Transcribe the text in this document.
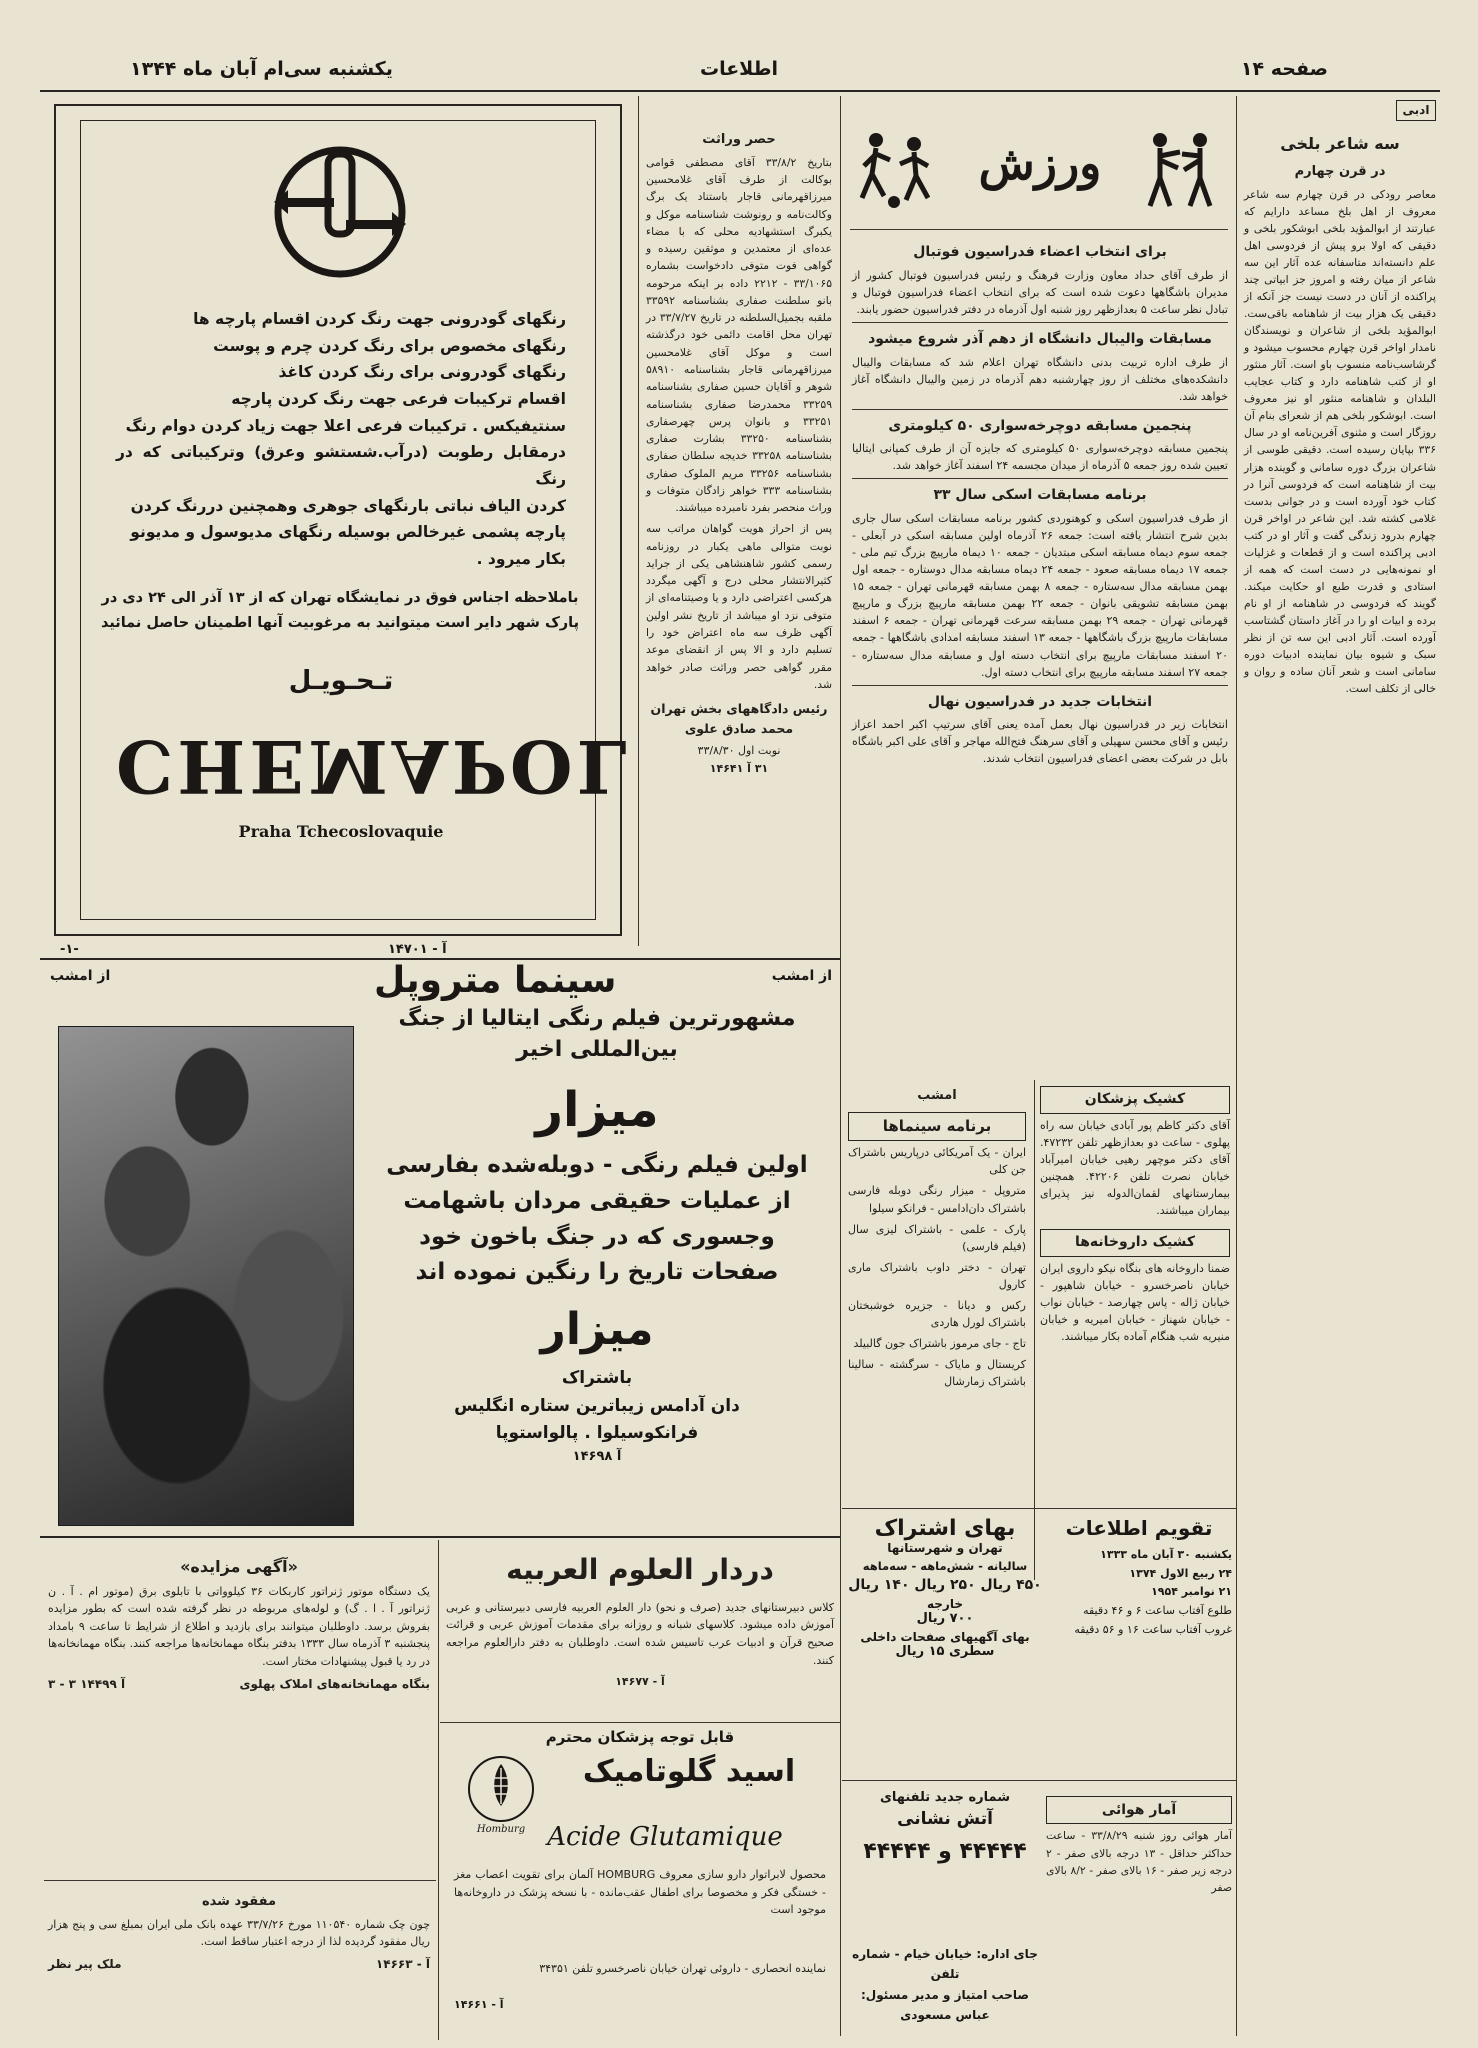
صفحه ۱۴
اطلاعات
یکشنبه سی‌ام آبان ماه ۱۳۴۴
رنگهای گودرونی جهت رنگ کردن اقسام پارچه ها
رنگهای مخصوص برای رنگ کردن چرم و پوست
رنگهای گودرونی برای رنگ کردن کاغذ
اقسام ترکیبات فرعی جهت رنگ کردن پارچه
سنتیفیکس . ترکیبات فرعی اعلا جهت زیاد کردن دوام رنگ
درمقابل رطوبت (درآب.شستشو وعرق) وترکیباتی که در رنگ
کردن الیاف نباتی بارنگهای جوهری وهمچنین دررنگ کردن
پارچه پشمی غیرخالص بوسیله رنگهای مدیوسول و مدیونو
بکار میرود .
باملاحظه اجناس فوق در نمایشگاه تهران که از ۱۳ آذر الی ۲۴ دی در
پارک شهر دایر است میتوانید به مرغوبیت آنها اطمینان حاصل نمائید
تـحـویـل
CHEMAPOL
Praha Tchecoslovaquie
-۱-	آ - ۱۴۷۰۱
حصر وراثت

بتاریخ ۳۳/۸/۲ آقای مصطفی قوامی بوکالت از طرف آقای غلامحسین میرزاقهرمانی قاجار باستناد یک برگ وکالت‌نامه و رونوشت شناسنامه موکل و یکبرگ استشهادیه محلی که با مضاء عده‌ای از معتمدین و موثقین رسیده و گواهی فوت متوفی دادخواست بشماره ۳۳/۱۰۶۵ - ۲۲۱۲ داده بر اینکه مرحومه بانو سلطنت صفاری بشناسنامه ۳۳۵۹۲ ملقبه بجمیل‌السلطنه در تاریخ ۳۳/۷/۲۷ در تهران محل اقامت دائمی خود درگذشته است و موکل آقای غلامحسین میرزاقهرمانی قاجار بشناسنامه ۵۸۹۱۰ شوهر و آقایان حسین صفاری بشناسنامه ۳۳۲۵۹ محمدرضا صفاری بشناسنامه ۳۳۲۵۱ و بانوان پرس چهرصفاری بشناسنامه ۳۳۲۵۰ بشارت صفاری بشناسنامه ۳۳۲۵۸ خدیجه سلطان صفاری بشناسنامه ۳۳۲۵۶ مریم الملوک صفاری بشناسنامه ۳۳۳ خواهر زادگان متوفات و وراث منحصر بفرد نامبرده میباشند.

پس از احراز هویت گواهان مراتب سه نوبت متوالی ماهی یکبار در روزنامه رسمی کشور شاهنشاهی یکی از جراید کثیرالانتشار محلی درج و آگهی میگردد هرکسی اعتراضی دارد و یا وصیتنامه‌ای از متوفی نزد او میباشد از تاریخ نشر اولین آگهی ظرف سه ماه اعتراض خود را تسلیم دارد و الا پس از انقضای موعد مقرر گواهی حصر وراثت صادر خواهد شد.

رئیس دادگاههای بخش تهران محمد صادق علوی
نوبت اول ۳۳/۸/۳۰
۳۱ آ ۱۴۶۴۱
ورزش
برای انتخاب اعضاء فدراسیون فوتبال

از طرف آقای حداد معاون وزارت فرهنگ و رئیس فدراسیون فوتبال کشور از مدیران باشگاهها دعوت شده است که برای انتخاب اعضاء فدراسیون فوتبال و تبادل نظر ساعت ۵ بعدازظهر روز شنبه اول آذرماه در دفتر فدراسیون حضور یابند.

مسابقات والیبال دانشگاه از دهم آذر شروع میشود

از طرف اداره تربیت بدنی دانشگاه تهران اعلام شد که مسابقات والیبال دانشکده‌های مختلف از روز چهارشنبه دهم آذرماه در زمین والیبال دانشگاه آغاز خواهد شد.

پنجمین مسابقه دوچرخه‌سواری ۵۰ کیلومتری

پنجمین مسابقه دوچرخه‌سواری ۵۰ کیلومتری که جایزه آن از طرف کمپانی ایتالیا تعیین شده روز جمعه ۵ آذرماه از میدان مجسمه ۲۴ اسفند آغاز خواهد شد.

برنامه مسابقات اسکی سال ۳۳

از طرف فدراسیون اسکی و کوهنوردی کشور برنامه مسابقات اسکی سال جاری بدین شرح انتشار یافته است: جمعه ۲۶ آذرماه اولین مسابقه اسکی در آبعلی - جمعه سوم دیماه مسابقه اسکی مبتدیان - جمعه ۱۰ دیماه مارپیچ بزرگ تیم ملی - جمعه ۱۷ دیماه مسابقه صعود - جمعه ۲۴ دیماه مسابقه مدال دوستاره - جمعه اول بهمن مسابقه مدال سه‌ستاره - جمعه ۸ بهمن مسابقه قهرمانی تهران - جمعه ۱۵ بهمن مسابقه تشویقی بانوان - جمعه ۲۲ بهمن مسابقه مارپیچ بزرگ و مارپیچ قهرمانی تهران - جمعه ۲۹ بهمن مسابقه سرعت قهرمانی تهران - جمعه ۶ اسفند مسابقات مارپیچ بزرگ باشگاهها - جمعه ۱۳ اسفند مسابقه امدادی باشگاهها - جمعه ۲۰ اسفند مسابقات مارپیچ برای انتخاب دسته اول و مسابقه مدال سه‌ستاره - جمعه ۲۷ اسفند مسابقه مارپیچ برای انتخاب دسته اول.

انتخابات جدید در فدراسیون نهال

انتخابات زیر در فدراسیون نهال بعمل آمده یعنی آقای سرتیپ اکبر احمد اعزاز رئیس و آقای محسن سهیلی و آقای سرهنگ فتح‌الله مهاجر و آقای علی اکبر باشگاه بابل در شرکت بعضی اعضای فدراسیون انتخاب شدند.

ادبی
سه شاعر بلخی
در قرن چهارم

معاصر رودکی در قرن چهارم سه شاعر معروف از اهل بلخ مساعد دارایم که عبارتند از ابوالمؤید بلخی ابوشکور بلخی و دقیقی که اولا برو پیش از فردوسی اهل علم دانسته‌اند متاسفانه عده آثار این سه شاعر از میان رفته و امروز جز ابیاتی چند پراکنده از آنان در دست نیست جز آنکه از دقیقی یک هزار بیت از شاهنامه باقی‌ست. ابوالمؤید بلخی از شاعران و نویسندگان نامدار اواخر قرن چهارم محسوب میشود و گرشاسب‌نامه منسوب باو است. آثار منثور او از کتب شاهنامه دارد و کتاب عجایب البلدان و شاهنامه منثور او نیز معروف است. ابوشکور بلخی هم از شعرای بنام آن روزگار است و مثنوی آفرین‌نامه او در سال ۳۳۶ بپایان رسیده است. دقیقی طوسی از شاعران بزرگ دوره سامانی و گوینده هزار بیت از شاهنامه است که فردوسی آنرا در کتاب خود آورده است و در جوانی بدست غلامی کشته شد. این شاعر در اواخر قرن چهارم بدرود زندگی گفت و آثار او در کتب ادبی پراکنده است و از قطعات و غزلیات او نمونه‌هایی در دست است که همه از استادی و قدرت طبع او حکایت میکند. گویند که فردوسی در شاهنامه از او نام برده و ابیات او را در آغاز داستان گشتاسب آورده است. آثار ادبی این سه تن از نظر سبک و شیوه بیان نماینده ادبیات دوره سامانی است و شعر آنان ساده و روان و خالی از تکلف است.

از امشب	سینما متروپل	از امشب
مشهورترین فیلم رنگی ایتالیا از جنگ
بین‌المللی اخیر
میزار
اولین فیلم رنگی - دوبله‌شده بفارسی
از عملیات حقیقی مردان باشهامت
وجسوری که در جنگ باخون خود
صفحات تاریخ را رنگین نموده اند
میزار
باشتراک
دان آدامس زیباترین ستاره انگلیس
فرانکوسیلوا . پالواستوپا
آ ۱۴۶۹۸
امشب
برنامه سینماها

ایران - یک آمریکائی درپاریس باشتراک جن کلی

متروپل - میزار رنگی دوبله فارسی باشتراک دان‌ادامس - فرانکو سیلوا

پارک - علمی - باشتراک لیزی سال (فیلم فارسی)

تهران - دختر داوب باشتراک ماری کارول

رکس و دیانا - جزیره خوشبختان باشتراک لورل هاردی

تاج - جای مرموز باشتراک جون گالبیلد

کریستال و مایاک - سرگشته - سالینا باشتراک زمارشال

کشیک پزشکان

آقای دکتر کاظم پور آبادی خیابان سه راه پهلوی - ساعت دو بعدازظهر تلفن ۴۷۲۳۲. آقای دکتر موچهر رهیی خیابان امیرآباد خیابان نصرت تلفن ۴۲۲۰۶. همچنین بیمارستانهای لقمان‌الدوله نیز پذیرای بیماران میباشند.

کشیک داروخانه‌ها

ضمنا داروخانه های بنگاه نیکو داروی ایران خیابان ناصرخسرو - خیابان شاهپور - خیابان ژاله - پاس چهارصد - خیابان نواب - خیابان شهناز - خیابان امیریه و خیابان منیریه شب هنگام آماده بکار میباشند.

بهای اشتراک
تهران و شهرستانها
سالیانه - شش‌ماهه - سه‌ماهه
۴۵۰ ریال ۲۵۰ ریال ۱۴۰ ریال
خارجه
۷۰۰ ریال
بهای آگهیهای صفحات داخلی
سطری ۱۵ ریال
تقویم اطلاعات
یکشنبه ۳۰ آبان ماه ۱۳۳۳
۲۴ ربیع الاول ۱۳۷۴
۲۱ نوامبر ۱۹۵۴
طلوع آفتاب ساعت ۶ و ۴۶ دقیقه
غروب آفتاب ساعت ۱۶ و ۵۶ دقیقه
شماره جدید تلفنهای
آتش نشانی
۴۴۴۴۴ و ۴۴۴۴۴
آمار هوائی

آمار هوائی روز شنبه ۳۳/۸/۲۹ - ساعت حداکثر حداقل - ۱۳ درجه بالای صفر - ۲ درجه زیر صفر - ۱۶ بالای صفر - ۸/۲ بالای صفر

جای اداره: خیابان خیام - شماره تلفن
صاحب امتیاز و مدیر مسئول: عباس مسعودی
«آگهی مزایده»

یک دستگاه موتور ژنراتور کاربکات ۳۶ کیلوواتی با تابلوی برق (موتور ام . آ . ن ژنراتور آ . ا . گ) و لوله‌های مربوطه در نظر گرفته شده است که بطور مزایده بفروش برسد. داوطلبان میتوانند برای بازدید و اطلاع از شرایط تا ساعت ۹ بامداد پنجشنبه ۳ آذرماه سال ۱۳۳۳ بدفتر بنگاه مهمانخانه‌ها مراجعه کنند. بنگاه مهمانخانه‌ها در رد یا قبول پیشنهادات مختار است.

بنگاه مهمانخانه‌های املاک پهلوی
آ ۱۴۴۹۹ ۳ - ۳
مفقود شده

چون چک شماره ۱۱۰۵۴۰ مورخ ۳۳/۷/۲۶ عهده بانک ملی ایران بمبلغ سی و پنج هزار ریال مفقود گردیده لذا از درجه اعتبار ساقط است.

آ - ۱۴۶۶۳
ملک پیر نظر
دردار العلوم العربیه

کلاس دبیرستانهای جدید (صرف و نحو) دار العلوم العربیه فارسی دبیرستانی و عربی آموزش داده میشود. کلاسهای شبانه و روزانه برای مقدمات آموزش عربی و قرائت صحیح قرآن و ادبیات عرب تاسیس شده است. داوطلبان به دفتر دارالعلوم مراجعه کنند.

آ - ۱۴۶۷۷
قابل توجه پزشکان محترم
اسید گلوتامیک
Homburg Acide Glutamique
محصول لابراتوار دارو سازی معروف HOMBURG آلمان برای تقویت اعصاب مغز - خستگی فکر و مخصوصا برای اطفال عقب‌مانده - با نسخه پزشک در داروخانه‌ها موجود است
نماینده انحصاری - داروئی تهران خیابان ناصرخسرو تلفن ۳۴۳۵۱
آ - ۱۴۶۶۱
